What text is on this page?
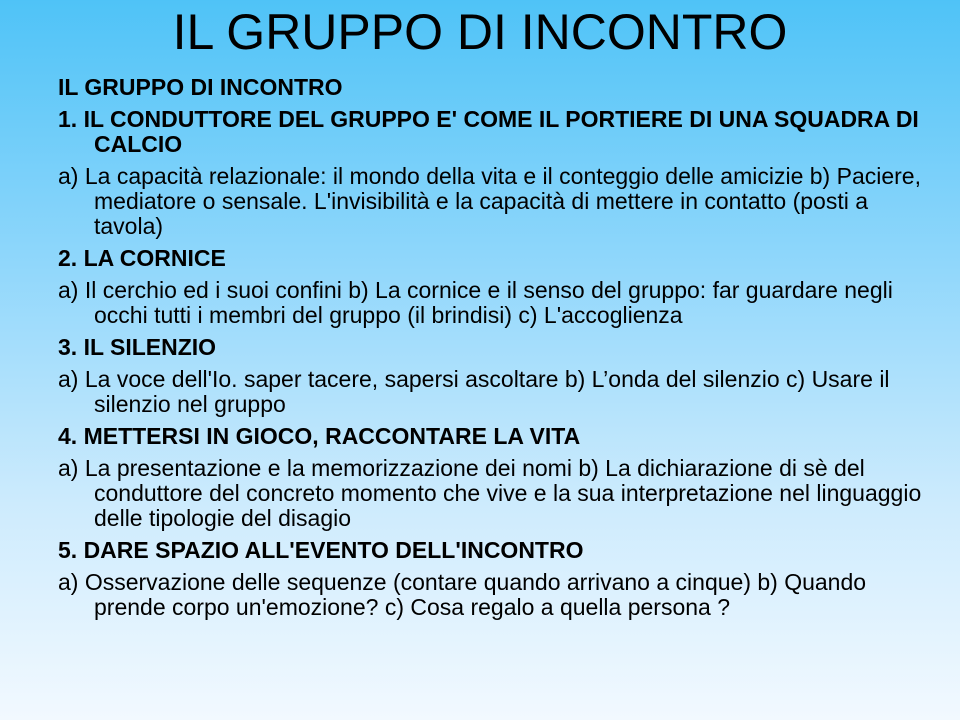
IL GRUPPO DI INCONTRO

IL GRUPPO DI INCONTRO

1. IL CONDUTTORE DEL GRUPPO E' COME IL PORTIERE DI UNA SQUADRA DI CALCIO

a) La capacità relazionale: il mondo della vita e il conteggio delle amicizie b) Paciere, mediatore o sensale. L'invisibilità e la capacità di mettere in contatto (posti a tavola)

2. LA CORNICE

a) Il cerchio ed i suoi confini b) La cornice e il senso del gruppo: far guardare negli occhi tutti i membri del gruppo (il brindisi) c) L'accoglienza

3. IL SILENZIO

a) La voce dell'Io. saper tacere, sapersi ascoltare b) L’onda del silenzio c) Usare il silenzio nel gruppo

4. METTERSI IN GIOCO, RACCONTARE LA VITA

a) La presentazione e la memorizzazione dei nomi b) La dichiarazione di sè del conduttore del concreto momento che vive e la sua interpretazione nel linguaggio delle tipologie del disagio

5. DARE SPAZIO ALL'EVENTO DELL'INCONTRO

a) Osservazione delle sequenze (contare quando arrivano a cinque) b) Quando prende corpo un'emozione? c) Cosa regalo a quella persona ?
